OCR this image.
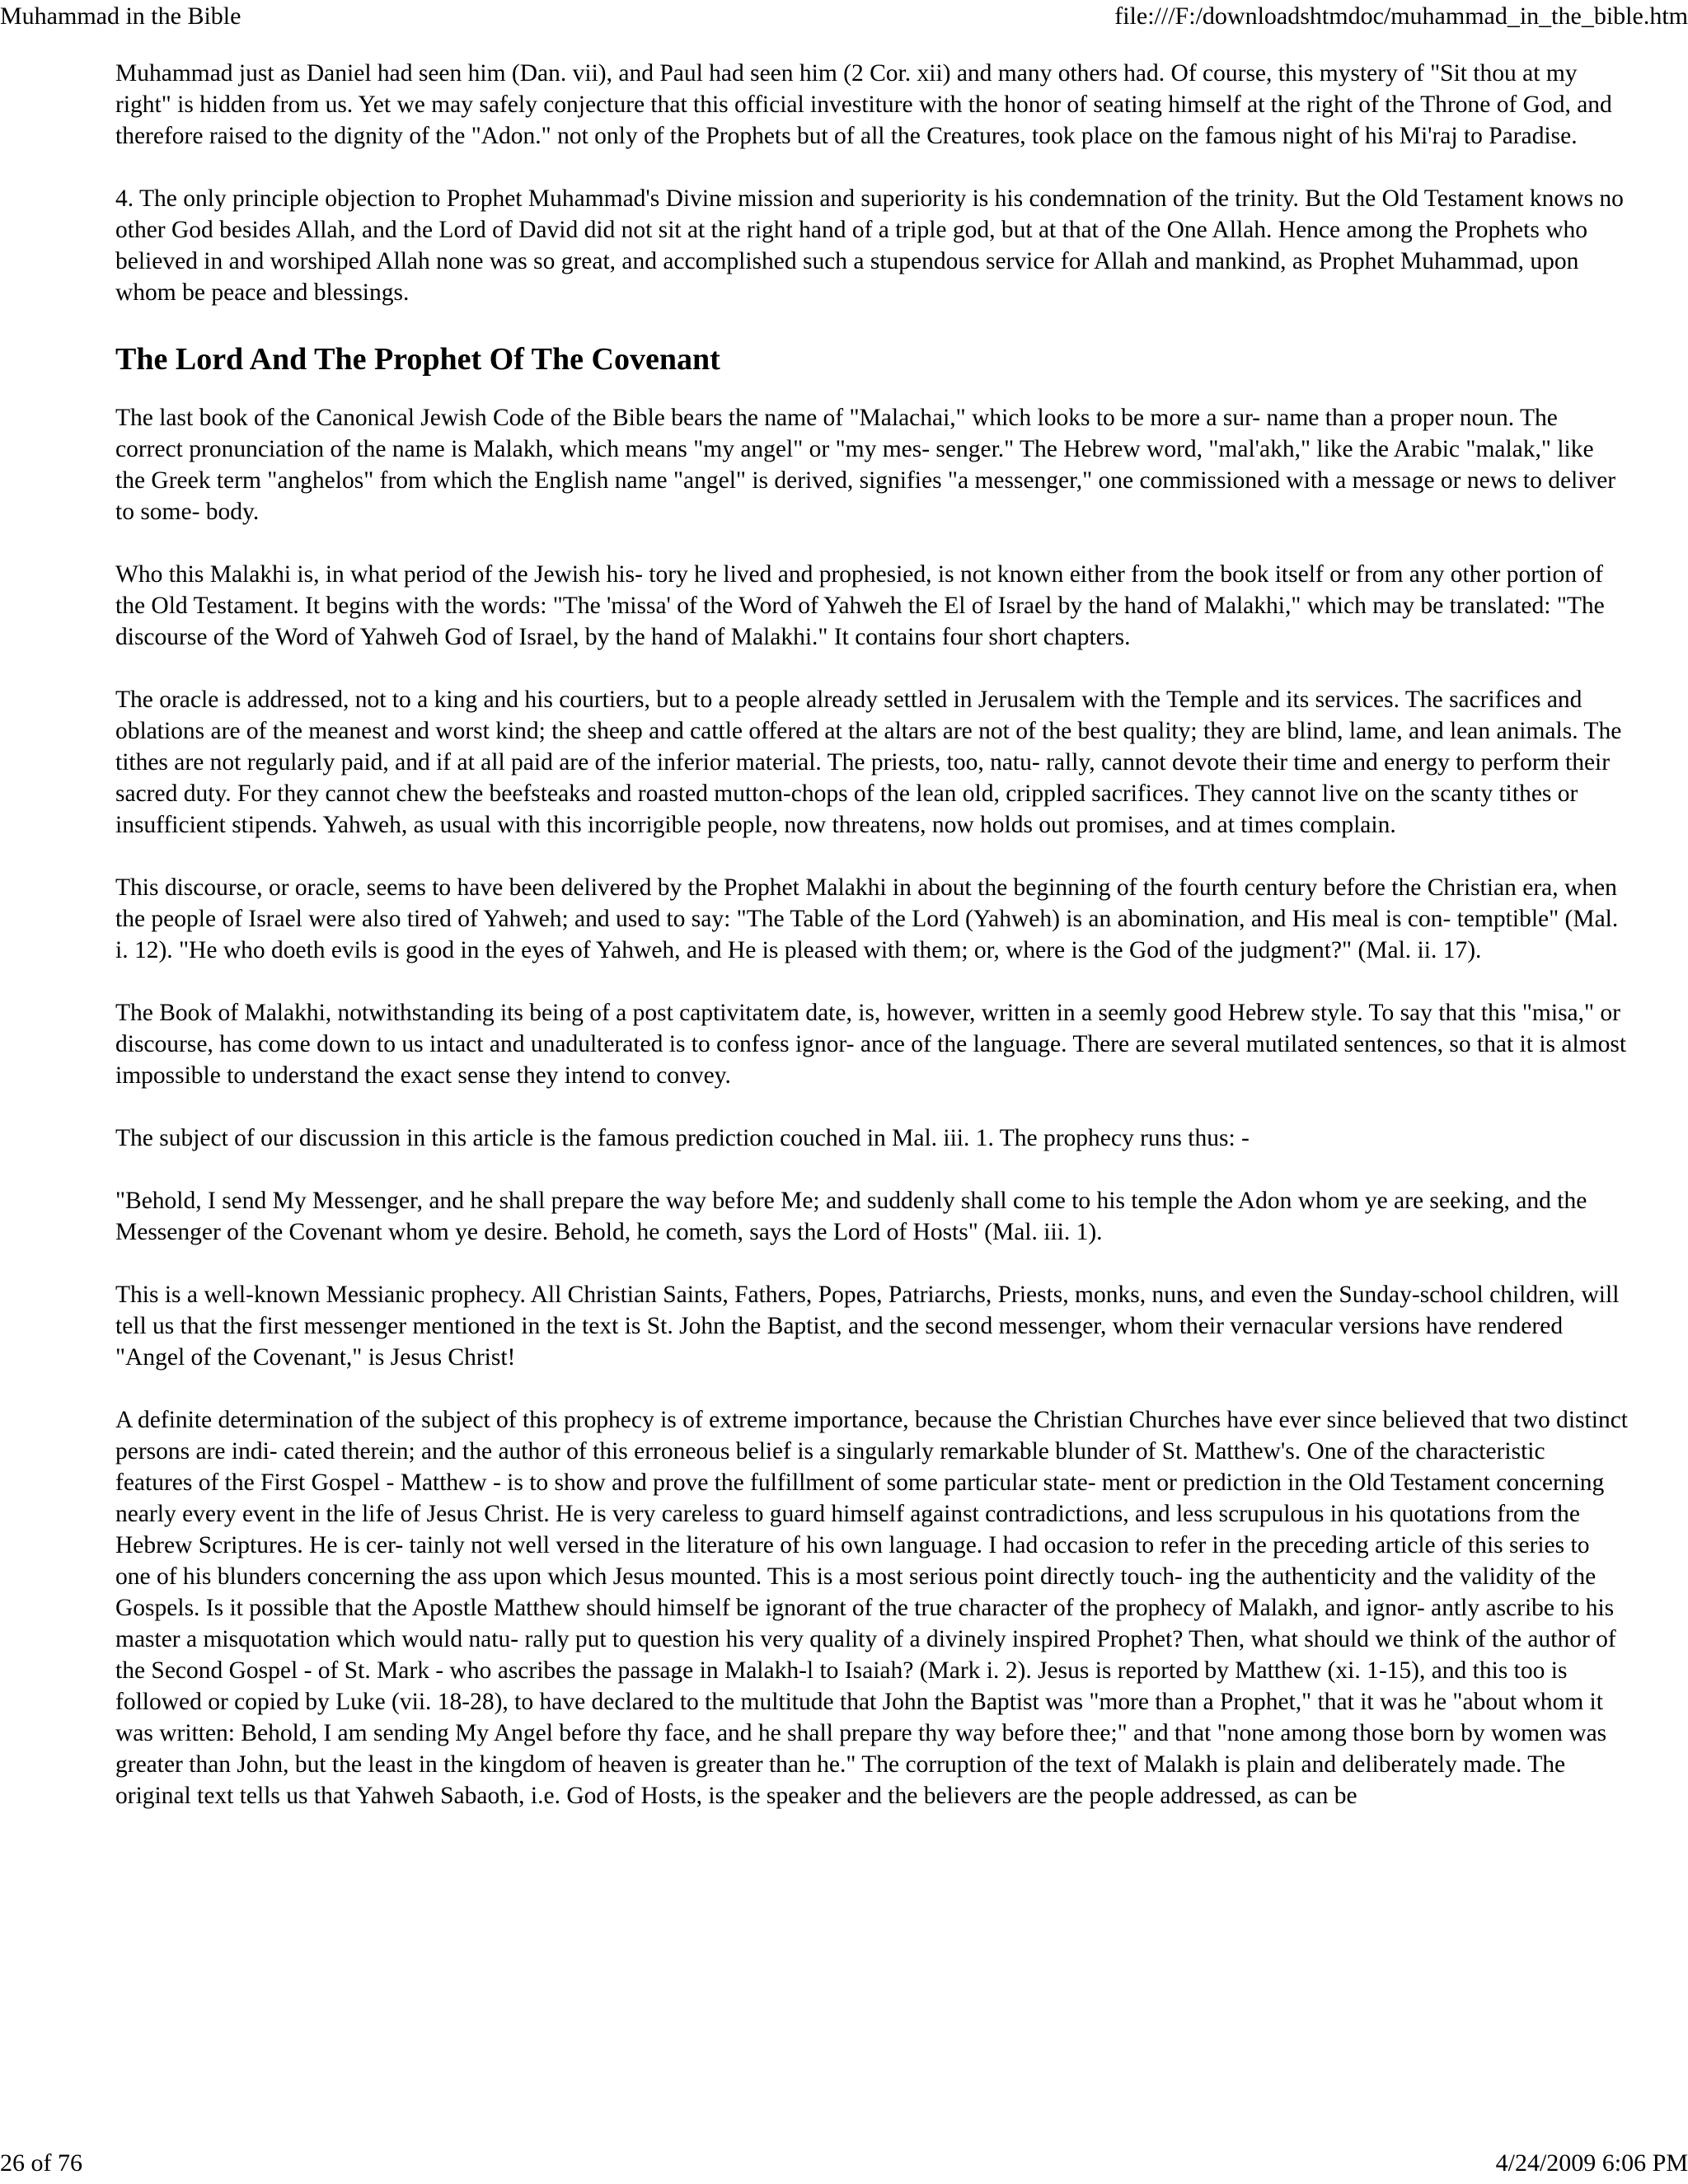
Muhammad in the Bible	file:///F:/downloadshtmdoc/muhammad_in_the_bible.htm

Muhammad just as Daniel had seen him (Dan. vii), and Paul had seen him (2 Cor. xii) and many others had. Of course, this mystery of "Sit thou at my right" is hidden from us. Yet we may safely conjecture that this official investiture with the honor of seating himself at the right of the Throne of God, and therefore raised to the dignity of the "Adon." not only of the Prophets but of all the Creatures, took place on the famous night of his Mi'raj to Paradise.

4. The only principle objection to Prophet Muhammad's Divine mission and superiority is his condemnation of the trinity. But the Old Testament knows no other God besides Allah, and the Lord of David did not sit at the right hand of a triple god, but at that of the One Allah. Hence among the Prophets who believed in and worshiped Allah none was so great, and accomplished such a stupendous service for Allah and mankind, as Prophet Muhammad, upon whom be peace and blessings.

The Lord And The Prophet Of The Covenant

The last book of the Canonical Jewish Code of the Bible bears the name of "Malachai," which looks to be more a sur- name than a proper noun. The correct pronunciation of the name is Malakh, which means "my angel" or "my mes- senger." The Hebrew word, "mal'akh," like the Arabic "malak," like the Greek term "anghelos" from which the English name "angel" is derived, signifies "a messenger," one commissioned with a message or news to deliver to some- body.

Who this Malakhi is, in what period of the Jewish his- tory he lived and prophesied, is not known either from the book itself or from any other portion of the Old Testament. It begins with the words: "The 'missa' of the Word of Yahweh the El of Israel by the hand of Malakhi," which may be translated: "The discourse of the Word of Yahweh God of Israel, by the hand of Malakhi." It contains four short chapters.

The oracle is addressed, not to a king and his courtiers, but to a people already settled in Jerusalem with the Temple and its services. The sacrifices and oblations are of the meanest and worst kind; the sheep and cattle offered at the altars are not of the best quality; they are blind, lame, and lean animals. The tithes are not regularly paid, and if at all paid are of the inferior material. The priests, too, natu- rally, cannot devote their time and energy to perform their sacred duty. For they cannot chew the beefsteaks and roasted mutton-chops of the lean old, crippled sacrifices. They cannot live on the scanty tithes or insufficient stipends. Yahweh, as usual with this incorrigible people, now threatens, now holds out promises, and at times complain.

This discourse, or oracle, seems to have been delivered by the Prophet Malakhi in about the beginning of the fourth century before the Christian era, when the people of Israel were also tired of Yahweh; and used to say: "The Table of the Lord (Yahweh) is an abomination, and His meal is con- temptible" (Mal. i. 12). "He who doeth evils is good in the eyes of Yahweh, and He is pleased with them; or, where is the God of the judgment?" (Mal. ii. 17).

The Book of Malakhi, notwithstanding its being of a post captivitatem date, is, however, written in a seemly good Hebrew style. To say that this "misa," or discourse, has come down to us intact and unadulterated is to confess ignor- ance of the language. There are several mutilated sentences, so that it is almost impossible to understand the exact sense they intend to convey.

The subject of our discussion in this article is the famous prediction couched in Mal. iii. 1. The prophecy runs thus: -

"Behold, I send My Messenger, and he shall prepare the way before Me; and suddenly shall come to his temple the Adon whom ye are seeking, and the Messenger of the Covenant whom ye desire. Behold, he cometh, says the Lord of Hosts" (Mal. iii. 1).

This is a well-known Messianic prophecy. All Christian Saints, Fathers, Popes, Patriarchs, Priests, monks, nuns, and even the Sunday-school children, will tell us that the first messenger mentioned in the text is St. John the Baptist, and the second messenger, whom their vernacular versions have rendered "Angel of the Covenant," is Jesus Christ!

A definite determination of the subject of this prophecy is of extreme importance, because the Christian Churches have ever since believed that two distinct persons are indi- cated therein; and the author of this erroneous belief is a singularly remarkable blunder of St. Matthew's. One of the characteristic features of the First Gospel - Matthew - is to show and prove the fulfillment of some particular state- ment or prediction in the Old Testament concerning nearly every event in the life of Jesus Christ. He is very careless to guard himself against contradictions, and less scrupulous in his quotations from the Hebrew Scriptures. He is cer- tainly not well versed in the literature of his own language. I had occasion to refer in the preceding article of this series to one of his blunders concerning the ass upon which Jesus mounted. This is a most serious point directly touch- ing the authenticity and the validity of the Gospels. Is it possible that the Apostle Matthew should himself be ignorant of the true character of the prophecy of Malakh, and ignor- antly ascribe to his master a misquotation which would natu- rally put to question his very quality of a divinely inspired Prophet? Then, what should we think of the author of the Second Gospel - of St. Mark - who ascribes the passage in Malakh-l to Isaiah? (Mark i. 2). Jesus is reported by Matthew (xi. 1-15), and this too is followed or copied by Luke (vii. 18-28), to have declared to the multitude that John the Baptist was "more than a Prophet," that it was he "about whom it was written: Behold, I am sending My Angel before thy face, and he shall prepare thy way before thee;" and that "none among those born by women was greater than John, but the least in the kingdom of heaven is greater than he." The corruption of the text of Malakh is plain and deliberately made. The original text tells us that Yahweh Sabaoth, i.e. God of Hosts, is the speaker and the believers are the people addressed, as can be

26 of 76	4/24/2009 6:06 PM
